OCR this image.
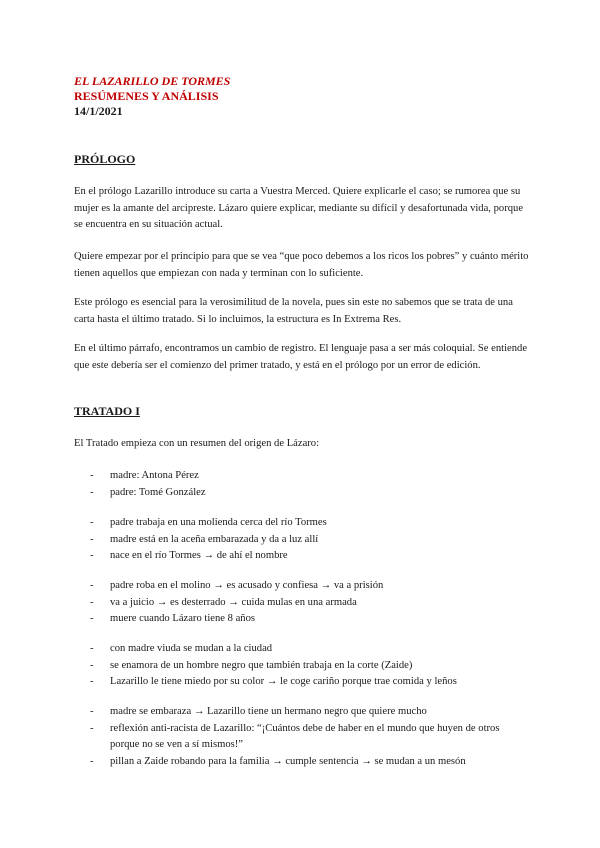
EL LAZARILLO DE TORMES
RESÚMENES Y ANÁLISIS
14/1/2021
PRÓLOGO
En el prólogo Lazarillo introduce su carta a Vuestra Merced. Quiere explicarle el caso; se rumorea que su mujer es la amante del arcipreste. Lázaro quiere explicar, mediante su difícil y desafortunada vida, porque se encuentra en su situación actual.
Quiere empezar por el principio para que se vea “que poco debemos a los ricos los pobres” y cuánto mérito tienen aquellos que empiezan con nada y terminan con lo suficiente.
Este prólogo es esencial para la verosimilitud de la novela, pues sin este no sabemos que se trata de una carta hasta el último tratado. Si lo incluimos, la estructura es In Extrema Res.
En el último párrafo, encontramos un cambio de registro. El lenguaje pasa a ser más coloquial. Se entiende que este debería ser el comienzo del primer tratado, y está en el prólogo por un error de edición.
TRATADO I
El Tratado empieza con un resumen del origen de Lázaro:
- madre: Antona Pérez
- padre: Tomé González
- padre trabaja en una molienda cerca del río Tormes
- madre está en la aceña embarazada y da a luz allí
- nace en el río Tormes → de ahí el nombre
- padre roba en el molino → es acusado y confiesa → va a prisión
- va a juicio → es desterrado → cuida mulas en una armada
- muere cuando Lázaro tiene 8 años
- con madre viuda se mudan a la ciudad
- se enamora de un hombre negro que también trabaja en la corte (Zaide)
- Lazarillo le tiene miedo por su color → le coge cariño porque trae comida y leños
- madre se embaraza → Lazarillo tiene un hermano negro que quiere mucho
- reflexión anti-racista de Lazarillo: “¡Cuántos debe de haber en el mundo que huyen de otros
porque no se ven a sí mismos!”
- pillan a Zaide robando para la familia → cumple sentencia → se mudan a un mesón
